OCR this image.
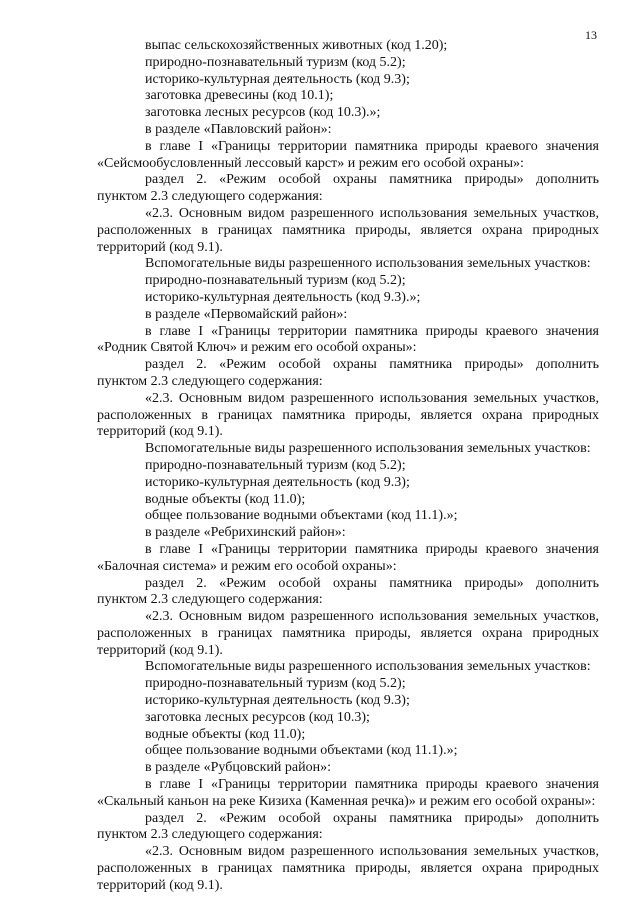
13
выпас сельскохозяйственных животных (код 1.20);
природно-познавательный туризм (код 5.2);
историко-культурная деятельность (код 9.3);
заготовка древесины (код 10.1);
заготовка лесных ресурсов (код 10.3).»;
в разделе «Павловский район»:
в главе I «Границы территории памятника природы краевого значения
«Сейсмообусловленный лессовый карст» и режим его особой охраны»:
раздел 2. «Режим особой охраны памятника природы» дополнить
пунктом 2.3 следующего содержания:
«2.3. Основным видом разрешенного использования земельных участков,
расположенных в границах памятника природы, является охрана природных
территорий (код 9.1).
Вспомогательные виды разрешенного использования земельных участков:
природно-познавательный туризм (код 5.2);
историко-культурная деятельность (код 9.3).»;
в разделе «Первомайский район»:
в главе I «Границы территории памятника природы краевого значения
«Родник Святой Ключ» и режим его особой охраны»:
раздел 2. «Режим особой охраны памятника природы» дополнить
пунктом 2.3 следующего содержания:
«2.3. Основным видом разрешенного использования земельных участков,
расположенных в границах памятника природы, является охрана природных
территорий (код 9.1).
Вспомогательные виды разрешенного использования земельных участков:
природно-познавательный туризм (код 5.2);
историко-культурная деятельность (код 9.3);
водные объекты (код 11.0);
общее пользование водными объектами (код 11.1).»;
в разделе «Ребрихинский район»:
в главе I «Границы территории памятника природы краевого значения
«Балочная система» и режим его особой охраны»:
раздел 2. «Режим особой охраны памятника природы» дополнить
пунктом 2.3 следующего содержания:
«2.3. Основным видом разрешенного использования земельных участков,
расположенных в границах памятника природы, является охрана природных
территорий (код 9.1).
Вспомогательные виды разрешенного использования земельных участков:
природно-познавательный туризм (код 5.2);
историко-культурная деятельность (код 9.3);
заготовка лесных ресурсов (код 10.3);
водные объекты (код 11.0);
общее пользование водными объектами (код 11.1).»;
в разделе «Рубцовский район»:
в главе I «Границы территории памятника природы краевого значения
«Скальный каньон на реке Кизиха (Каменная речка)» и режим его особой охраны»:
раздел 2. «Режим особой охраны памятника природы» дополнить
пунктом 2.3 следующего содержания:
«2.3. Основным видом разрешенного использования земельных участков,
расположенных в границах памятника природы, является охрана природных
территорий (код 9.1).
